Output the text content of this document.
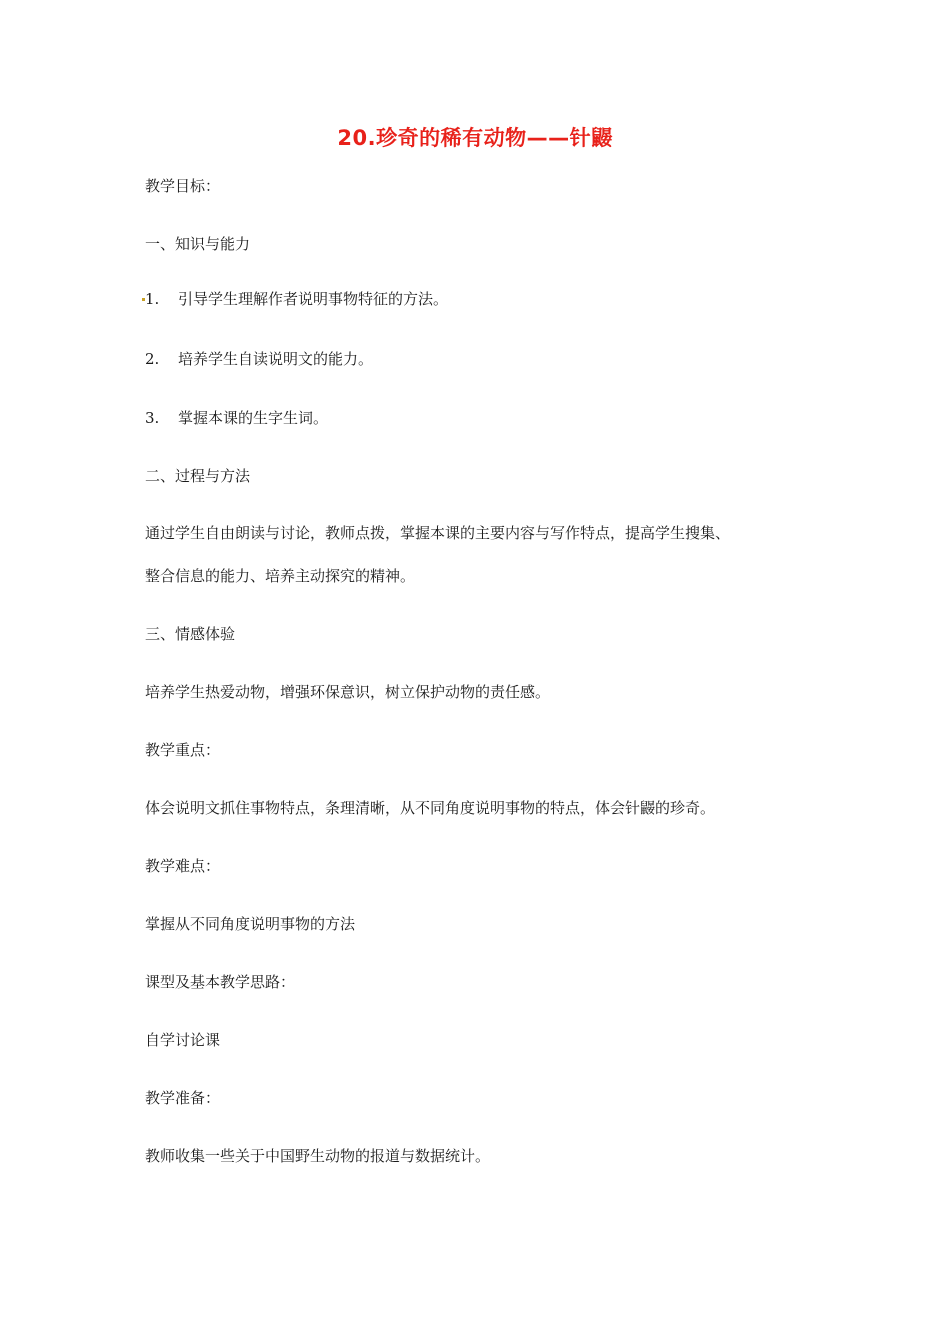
20.珍奇的稀有动物——针鼹
教学目标：
一、知识与能力
1. 引导学生理解作者说明事物特征的方法。
2. 培养学生自读说明文的能力。
3. 掌握本课的生字生词。
二、过程与方法
通过学生自由朗读与讨论，教师点拨，掌握本课的主要内容与写作特点，提高学生搜集、
整合信息的能力、培养主动探究的精神。
三、情感体验
培养学生热爱动物，增强环保意识，树立保护动物的责任感。
教学重点：
体会说明文抓住事物特点，条理清晰，从不同角度说明事物的特点，体会针鼹的珍奇。
教学难点：
掌握从不同角度说明事物的方法
课型及基本教学思路：
自学讨论课
教学准备：
教师收集一些关于中国野生动物的报道与数据统计。
